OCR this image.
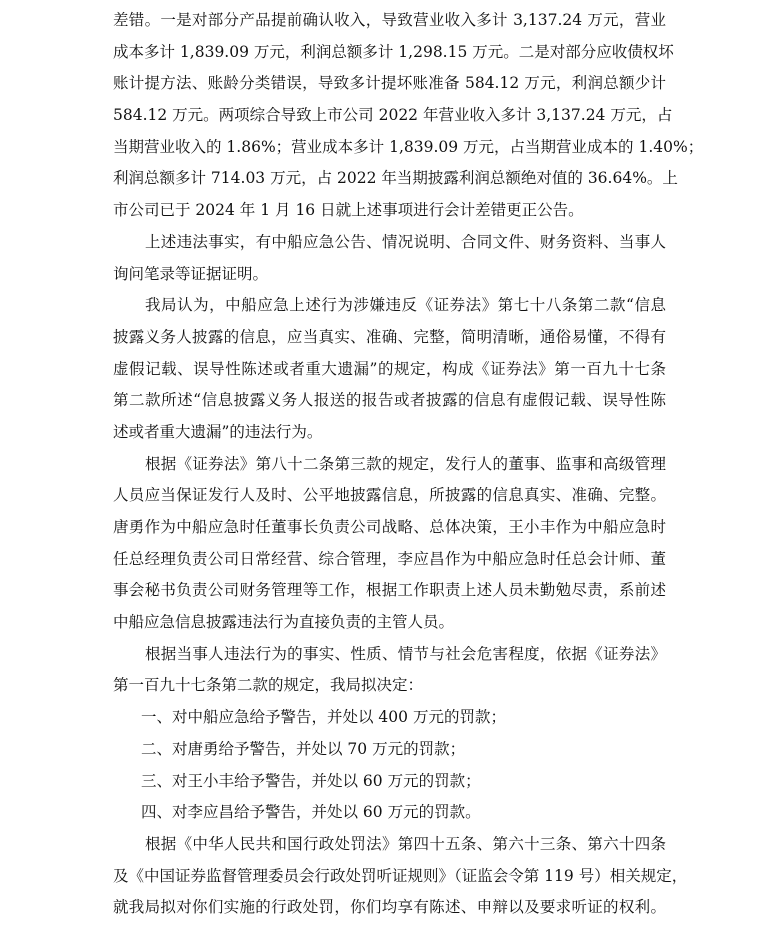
差错。一是对部分产品提前确认收入，导致营业收入多计 3,137.24 万元，营业
成本多计 1,839.09 万元，利润总额多计 1,298.15 万元。二是对部分应收债权坏
账计提方法、账龄分类错误，导致多计提坏账准备 584.12 万元，利润总额少计
584.12 万元。两项综合导致上市公司 2022 年营业收入多计 3,137.24 万元，占
当期营业收入的 1.86%；营业成本多计 1,839.09 万元，占当期营业成本的 1.40%；
利润总额多计 714.03 万元，占 2022 年当期披露利润总额绝对值的 36.64%。上
市公司已于 2024 年 1 月 16 日就上述事项进行会计差错更正公告。
上述违法事实，有中船应急公告、情况说明、合同文件、财务资料、当事人
询问笔录等证据证明。
我局认为，中船应急上述行为涉嫌违反《证券法》第七十八条第二款“信息
披露义务人披露的信息，应当真实、准确、完整，简明清晰，通俗易懂，不得有
虚假记载、误导性陈述或者重大遗漏”的规定，构成《证券法》第一百九十七条
第二款所述“信息披露义务人报送的报告或者披露的信息有虚假记载、误导性陈
述或者重大遗漏”的违法行为。
根据《证券法》第八十二条第三款的规定，发行人的董事、监事和高级管理
人员应当保证发行人及时、公平地披露信息，所披露的信息真实、准确、完整。
唐勇作为中船应急时任董事长负责公司战略、总体决策，王小丰作为中船应急时
任总经理负责公司日常经营、综合管理，李应昌作为中船应急时任总会计师、董
事会秘书负责公司财务管理等工作，根据工作职责上述人员未勤勉尽责，系前述
中船应急信息披露违法行为直接负责的主管人员。
根据当事人违法行为的事实、性质、情节与社会危害程度，依据《证券法》
第一百九十七条第二款的规定，我局拟决定：
一、对中船应急给予警告，并处以 400 万元的罚款；
二、对唐勇给予警告，并处以 70 万元的罚款；
三、对王小丰给予警告，并处以 60 万元的罚款；
四、对李应昌给予警告，并处以 60 万元的罚款。
根据《中华人民共和国行政处罚法》第四十五条、第六十三条、第六十四条
及《中国证券监督管理委员会行政处罚听证规则》（证监会令第 119 号）相关规定，
就我局拟对你们实施的行政处罚，你们均享有陈述、申辩以及要求听证的权利。
